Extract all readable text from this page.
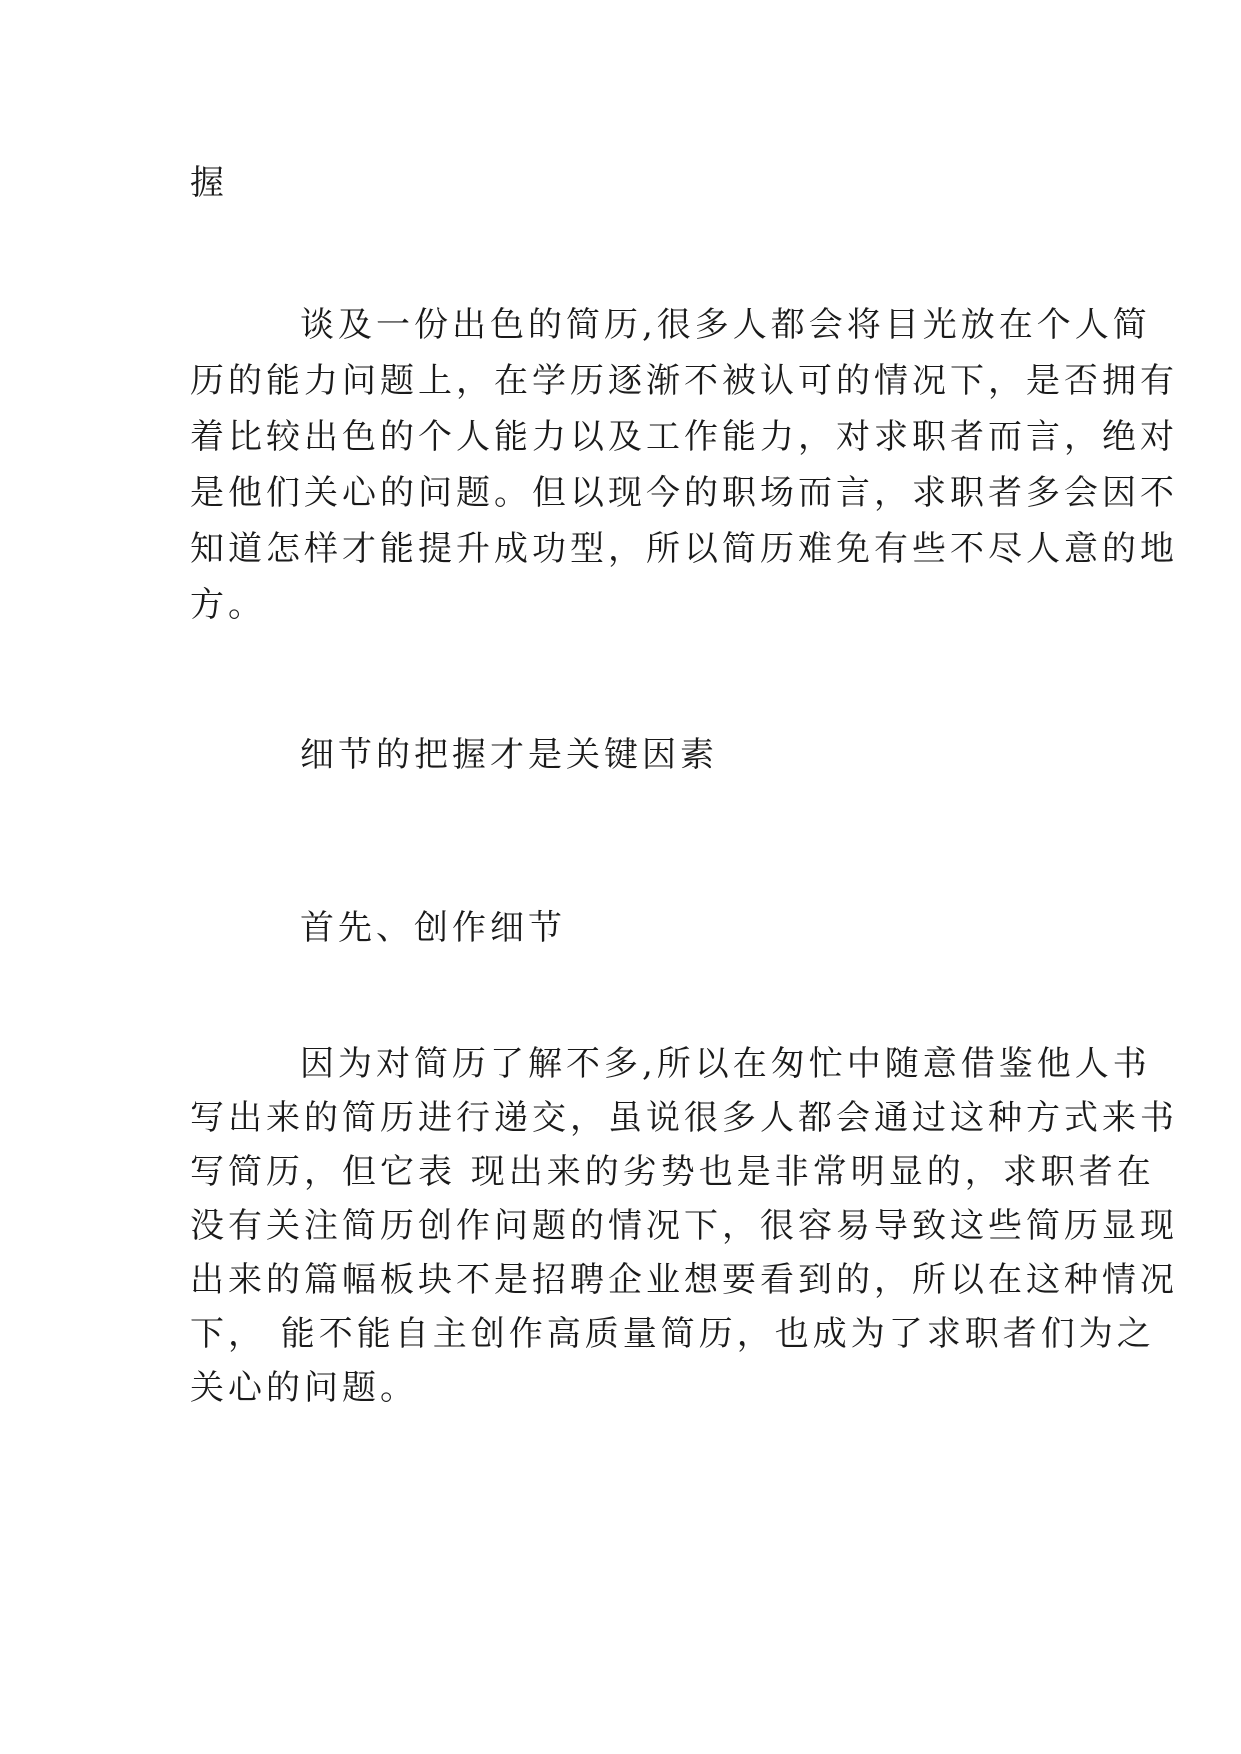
握
谈及一份出色的简历,很多人都会将目光放在个人简
历的能力问题上，在学历逐渐不被认可的情况下，是否拥有
着比较出色的个人能力以及工作能力，对求职者而言，绝对
是他们关心的问题。但以现今的职场而言，求职者多会因不
知道怎样才能提升成功型，所以简历难免有些不尽人意的地
方。
细节的把握才是关键因素
首先、创作细节
因为对简历了解不多,所以在匆忙中随意借鉴他人书
写出来的简历进行递交，虽说很多人都会通过这种方式来书
写简历，但它表 现出来的劣势也是非常明显的，求职者在
没有关注简历创作问题的情况下，很容易导致这些简历显现
出来的篇幅板块不是招聘企业想要看到的，所以在这种情况
下， 能不能自主创作高质量简历，也成为了求职者们为之
关心的问题。
